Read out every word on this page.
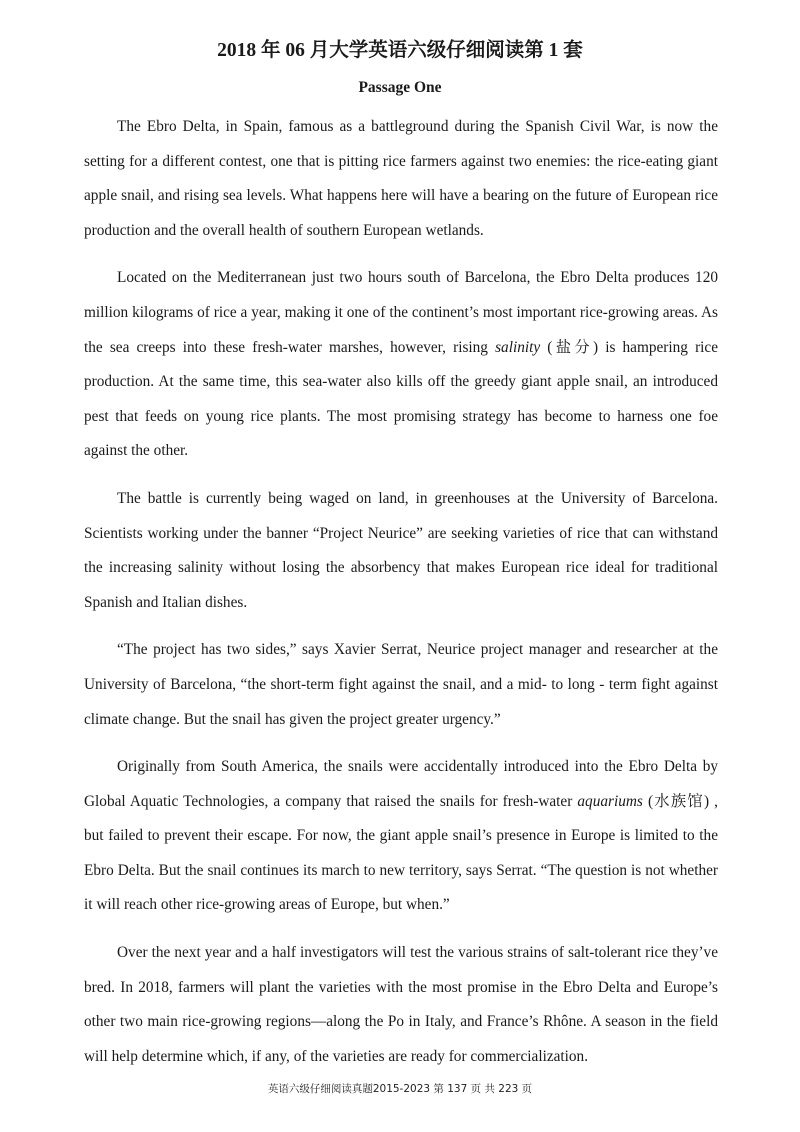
2018 年 06 月大学英语六级仔细阅读第 1 套
Passage One

The Ebro Delta, in Spain, famous as a battleground during the Spanish Civil War, is now the setting for a different contest, one that is pitting rice farmers against two enemies: the rice-eating giant apple snail, and rising sea levels. What happens here will have a bearing on the future of European rice production and the overall health of southern European wetlands.

Located on the Mediterranean just two hours south of Barcelona, the Ebro Delta produces 120 million kilograms of rice a year, making it one of the continent’s most important rice-growing areas. As the sea creeps into these fresh-water marshes, however, rising salinity (盐分) is hampering rice production. At the same time, this sea-water also kills off the greedy giant apple snail, an introduced pest that feeds on young rice plants. The most promising strategy has become to harness one foe against the other.

The battle is currently being waged on land, in greenhouses at the University of Barcelona. Scientists working under the banner “Project Neurice” are seeking varieties of rice that can withstand the increasing salinity without losing the absorbency that makes European rice ideal for traditional Spanish and Italian dishes.

“The project has two sides,” says Xavier Serrat, Neurice project manager and researcher at the University of Barcelona, “the short-term fight against the snail, and a mid- to long - term fight against climate change. But the snail has given the project greater urgency.”

Originally from South America, the snails were accidentally introduced into the Ebro Delta by Global Aquatic Technologies, a company that raised the snails for fresh-water aquariums (水族馆) , but failed to prevent their escape. For now, the giant apple snail’s presence in Europe is limited to the Ebro Delta. But the snail continues its march to new territory, says Serrat. “The question is not whether it will reach other rice-growing areas of Europe, but when.”

Over the next year and a half investigators will test the various strains of salt-tolerant rice they’ve bred. In 2018, farmers will plant the varieties with the most promise in the Ebro Delta and Europe’s other two main rice-growing regions—along the Po in Italy, and France’s Rhône. A season in the field will help determine which, if any, of the varieties are ready for commercialization.

英语六级仔细阅读真题2015-2023 第 137 页 共 223 页
